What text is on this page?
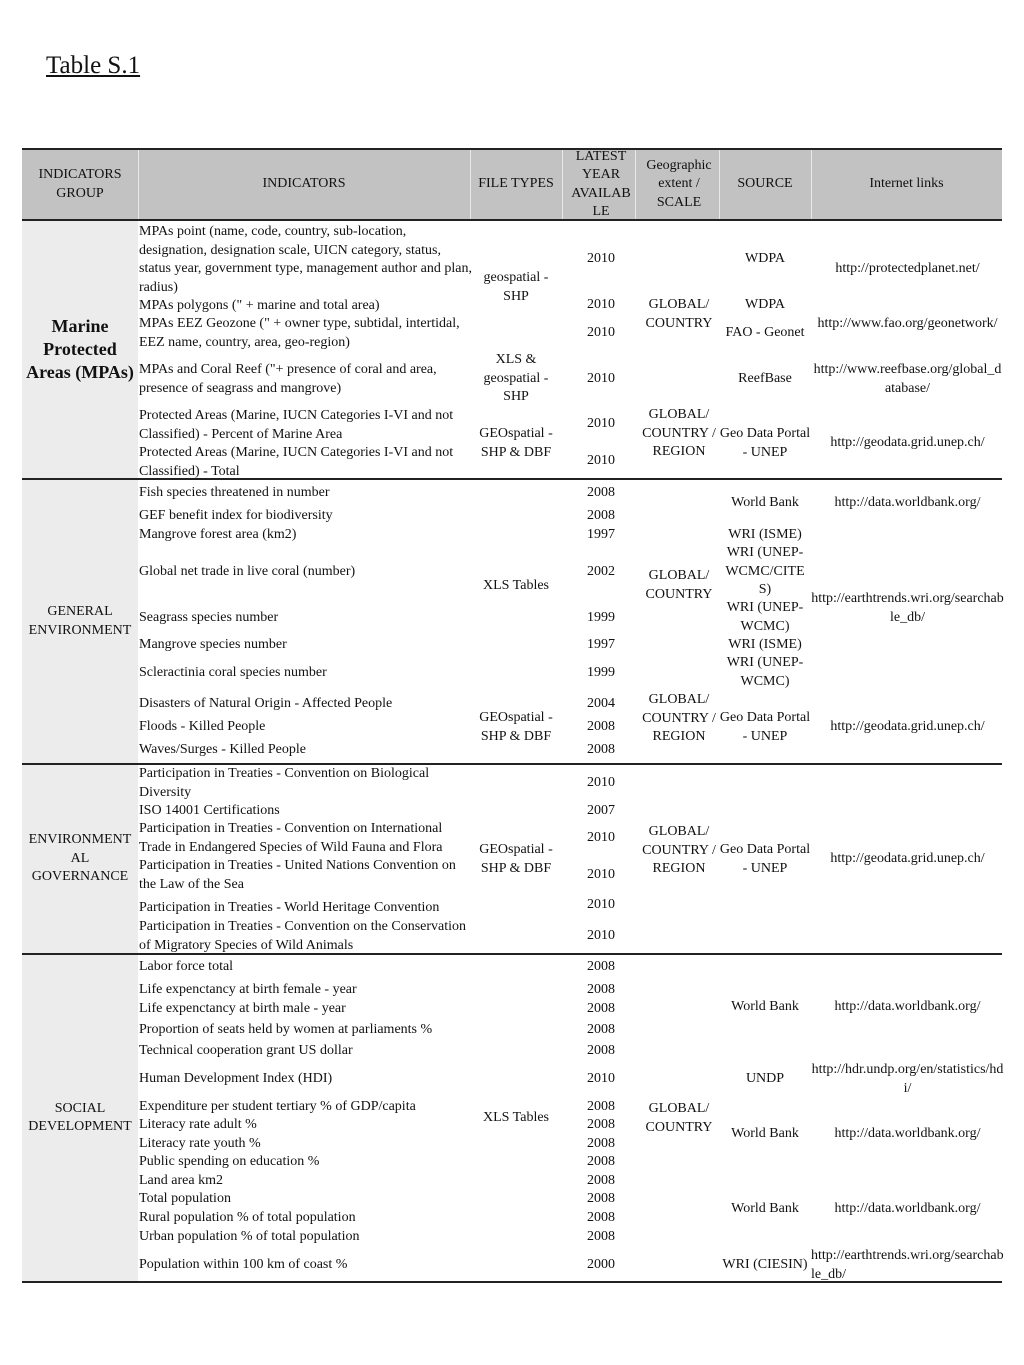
Table S.1
INDICATORS GROUP
INDICATORS	FILE TYPES
LATEST YEAR AVAILAB LE
Geographic extent / SCALE
SOURCE	Internet links
Marine Protected Areas (MPAs)
GENERAL ENVIRONMENT
ENVIRONMENT AL GOVERNANCE
SOCIAL DEVELOPMENT
MPAs point (name, code, country, sub-location, designation, designation scale, UICN category, status, status year, government type, management author and plan, radius)
MPAs polygons (" + marine and total area)
MPAs EEZ Geozone (" + owner type, subtidal, intertidal, EEZ name, country, area, geo-region)
MPAs and Coral Reef ("+ presence of coral and area, presence of seagrass and mangrove)
Protected Areas (Marine, IUCN Categories I-VI and not Classified) - Percent of Marine Area
Protected Areas (Marine, IUCN Categories I-VI and not Classified) - Total
2010
2010
2010
2010
2010
2010
geospatial - SHP
XLS & geospatial - SHP
GEOspatial - SHP & DBF
GLOBAL/ COUNTRY
GLOBAL/ COUNTRY / REGION
WDPA
WDPA
FAO - Geonet
ReefBase
Geo Data Portal - UNEP
http://protectedplanet.net/
http://www.fao.org/geonetwork/
http://www.reefbase.org/global_database/
http://geodata.grid.unep.ch/
Fish species threatened in number
GEF benefit index for biodiversity
Mangrove forest area (km2)
Global net trade in live coral (number)
Seagrass species number
Mangrove species number
Scleractinia coral species number
Disasters of Natural Origin - Affected People
Floods - Killed People
Waves/Surges - Killed People
2008
2008
1997
2002
1999
1997
1999
2004
2008
2008
XLS Tables
GEOspatial - SHP & DBF
GLOBAL/ COUNTRY
GLOBAL/ COUNTRY / REGION
World Bank
WRI (ISME)
WRI (UNEP-WCMC/CITE S)
WRI (UNEP-WCMC)
WRI (ISME)
WRI (UNEP-WCMC)
Geo Data Portal - UNEP
http://data.worldbank.org/
http://earthtrends.wri.org/searchable_db/
http://geodata.grid.unep.ch/
Participation in Treaties - Convention on Biological Diversity
ISO 14001 Certifications
Participation in Treaties - Convention on International Trade in Endangered Species of Wild Fauna and Flora
Participation in Treaties - United Nations Convention on the Law of the Sea
Participation in Treaties - World Heritage Convention
Participation in Treaties - Convention on the Conservation of Migratory Species of Wild Animals
2010
2007
2010
2010
2010
2010
GEOspatial - SHP & DBF
GLOBAL/ COUNTRY / REGION
Geo Data Portal - UNEP
http://geodata.grid.unep.ch/
Labor force total
Life expenctancy at birth female - year
Life expenctancy at birth male - year
Proportion of seats held by women at parliaments %
Technical cooperation grant US dollar
Human Development Index (HDI)
Expenditure per student tertiary % of GDP/capita
Literacy rate adult %
Literacy rate youth %
Public spending on education %
Land area km2
Total population
Rural population % of total population
Urban population % of total population
Population within 100 km of coast %
2008
2008
2008
2008
2008
2010
2008
2008
2008
2008
2008
2008
2008
2008
2000
XLS Tables
GLOBAL/ COUNTRY
World Bank
UNDP
World Bank
World Bank
WRI (CIESIN)
http://data.worldbank.org/
http://hdr.undp.org/en/statistics/hdi/
http://data.worldbank.org/
http://data.worldbank.org/
http://earthtrends.wri.org/searchable_db/
